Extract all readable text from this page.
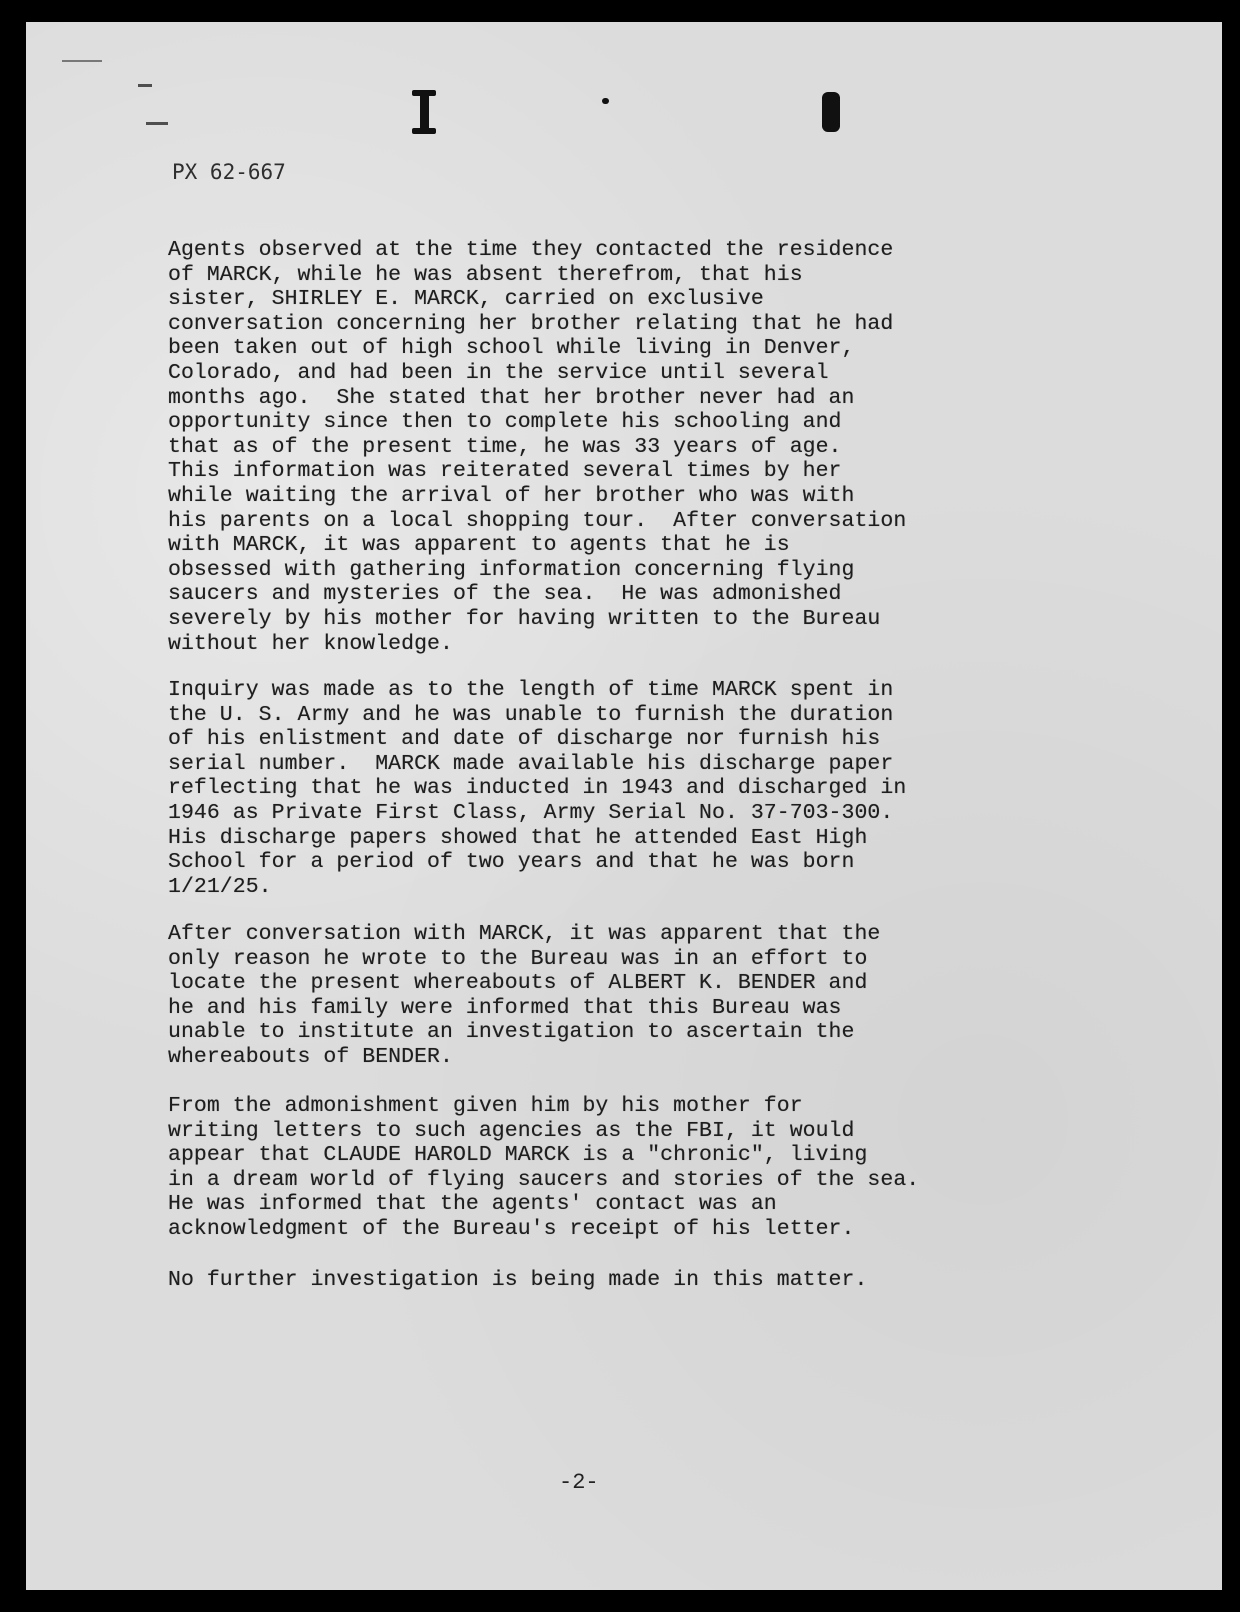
PX 62-667

Agents observed at the time they contacted the residence
of MARCK, while he was absent therefrom, that his
sister, SHIRLEY E. MARCK, carried on exclusive
conversation concerning her brother relating that he had
been taken out of high school while living in Denver,
Colorado, and had been in the service until several
months ago.  She stated that her brother never had an
opportunity since then to complete his schooling and
that as of the present time, he was 33 years of age.
This information was reiterated several times by her
while waiting the arrival of her brother who was with
his parents on a local shopping tour.  After conversation
with MARCK, it was apparent to agents that he is
obsessed with gathering information concerning flying
saucers and mysteries of the sea.  He was admonished
severely by his mother for having written to the Bureau
without her knowledge.

Inquiry was made as to the length of time MARCK spent in
the U. S. Army and he was unable to furnish the duration
of his enlistment and date of discharge nor furnish his
serial number.  MARCK made available his discharge paper
reflecting that he was inducted in 1943 and discharged in
1946 as Private First Class, Army Serial No. 37-703-300.
His discharge papers showed that he attended East High
School for a period of two years and that he was born
1/21/25.

After conversation with MARCK, it was apparent that the
only reason he wrote to the Bureau was in an effort to
locate the present whereabouts of ALBERT K. BENDER and
he and his family were informed that this Bureau was
unable to institute an investigation to ascertain the
whereabouts of BENDER.

From the admonishment given him by his mother for
writing letters to such agencies as the FBI, it would
appear that CLAUDE HAROLD MARCK is a "chronic", living
in a dream world of flying saucers and stories of the sea.
He was informed that the agents' contact was an
acknowledgment of the Bureau's receipt of his letter.

No further investigation is being made in this matter.

-2-
